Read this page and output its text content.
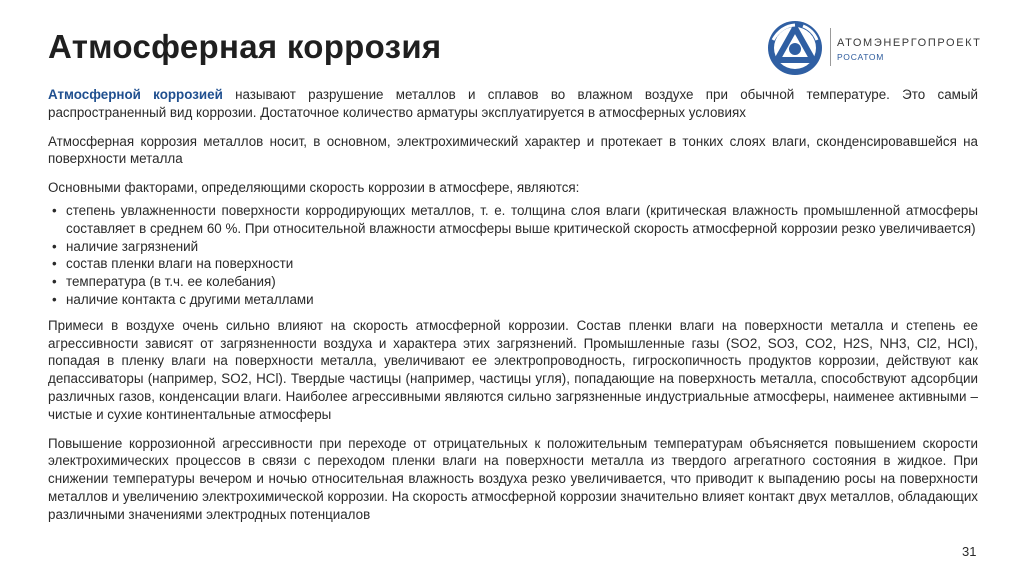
Атмосферная коррозия	АТОМЭНЕРГОПРОЕКТ
РОСАТОМ

Атмосферной коррозией называют разрушение металлов и сплавов во влажном воздухе при обычной температуре. Это самый распространенный вид коррозии. Достаточное количество арматуры эксплуатируется в атмосферных условиях

Атмосферная коррозия металлов носит, в основном, электрохимический характер и протекает в тонких слоях влаги, сконденсировавшейся на поверхности металла

Основными факторами, определяющими скорость коррозии в атмосфере, являются:

• степень увлажненности поверхности корродирующих металлов, т. е. толщина слоя влаги (критическая влажность промышленной атмосферы составляет в среднем 60 %. При относительной влажности атмосферы выше критической скорость атмосферной коррозии резко увеличивается)
• наличие загрязнений
• состав пленки влаги на поверхности
• температура (в т.ч. ее колебания)
• наличие контакта с другими металлами

Примеси в воздухе очень сильно влияют на скорость атмосферной коррозии. Состав пленки влаги на поверхности металла и степень ее агрессивности зависят от загрязненности воздуха и характера этих загрязнений. Промышленные газы (SO2, SO3, CO2, H2S, NH3, Cl2, HCl), попадая в пленку влаги на поверхности металла, увеличивают ее электропроводность, гигроскопичность продуктов коррозии, действуют как депассиваторы (например, SO2, HCl). Твердые частицы (например, частицы угля), попадающие на поверхность металла, способствуют адсорбции различных газов, конденсации влаги. Наиболее агрессивными являются сильно загрязненные индустриальные атмосферы, наименее активными – чистые и сухие континентальные атмосферы

Повышение коррозионной агрессивности при переходе от отрицательных к положительным температурам объясняется повышением скорости электрохимических процессов в связи с переходом пленки влаги на поверхности металла из твердого агрегатного состояния в жидкое. При снижении температуры вечером и ночью относительная влажность воздуха резко увеличивается, что приводит к выпадению росы на поверхности металлов и увеличению электрохимической коррозии. На скорость атмосферной коррозии значительно влияет контакт двух металлов, обладающих различными значениями электродных потенциалов

31
